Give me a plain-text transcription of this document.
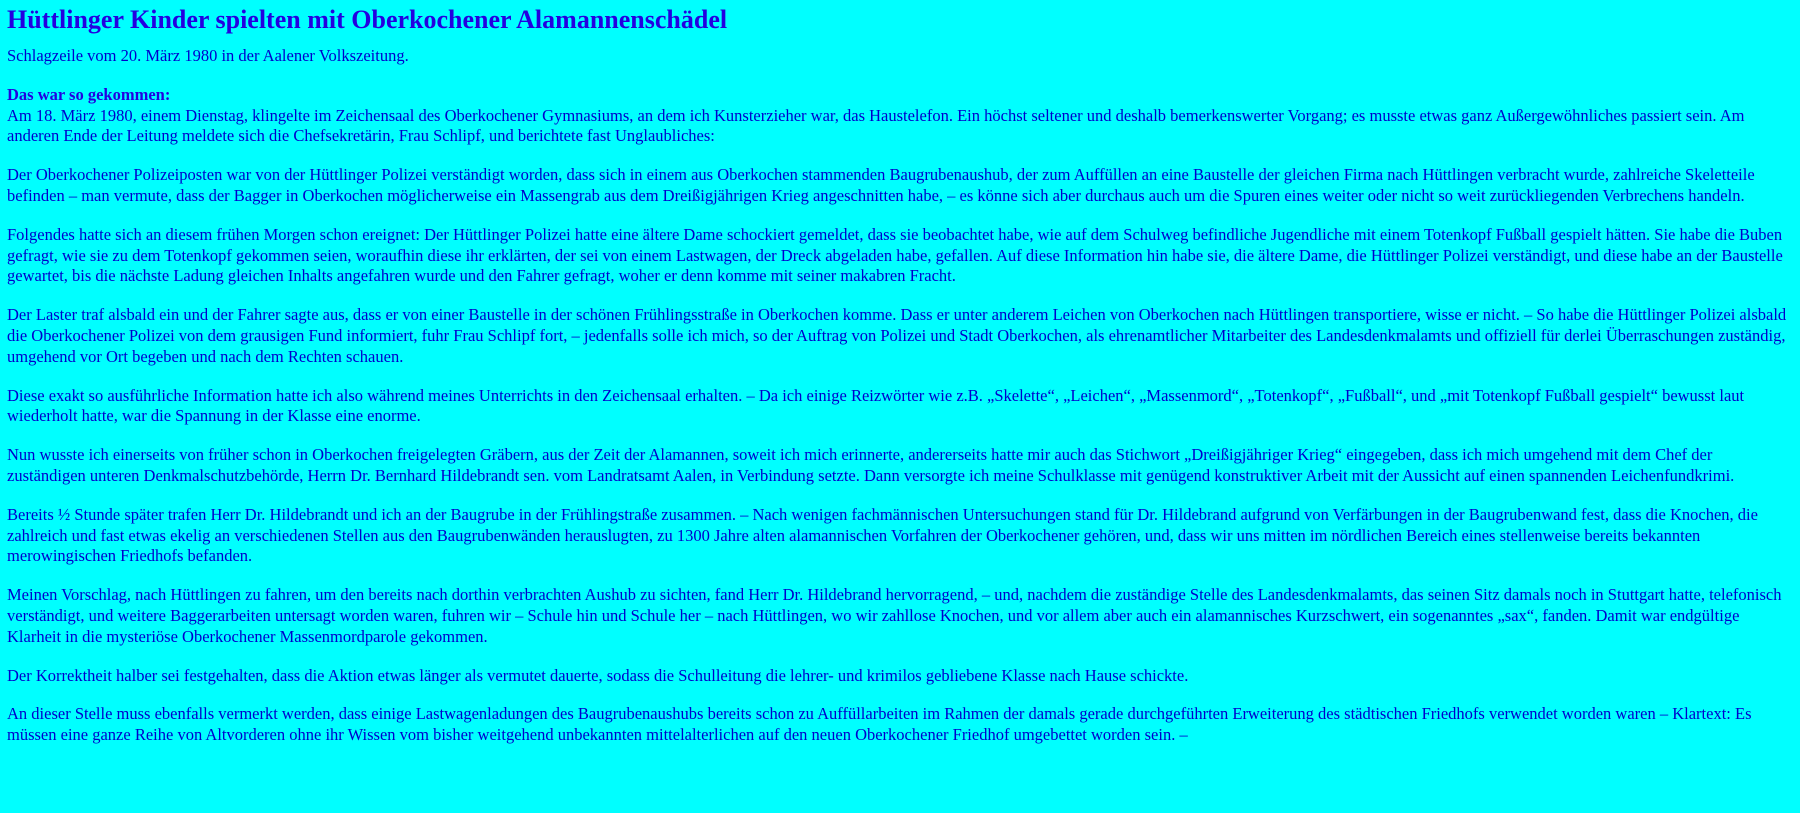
Hüttlinger Kinder spielten mit Oberkochener Alamannenschädel

Schlagzeile vom 20. März 1980 in der Aalener Volkszeitung.

Das war so gekommen:
Am 18. März 1980, einem Dienstag, klingelte im Zeichensaal des Oberkochener Gymnasiums, an dem ich Kunsterzieher war, das Haustelefon. Ein höchst seltener und deshalb bemerkenswerter Vorgang; es musste etwas ganz Außergewöhnliches passiert sein. Am anderen Ende der Leitung meldete sich die Chefsekretärin, Frau Schlipf, und berichtete fast Unglaubliches:

Der Oberkochener Polizeiposten war von der Hüttlinger Polizei verständigt worden, dass sich in einem aus Oberkochen stammenden Baugrubenaushub, der zum Auffüllen an eine Baustelle der gleichen Firma nach Hüttlingen verbracht wurde, zahlreiche Skeletteile befinden – man vermute, dass der Bagger in Oberkochen möglicherweise ein Massengrab aus dem Dreißigjährigen Krieg angeschnitten habe, – es könne sich aber durchaus auch um die Spuren eines weiter oder nicht so weit zurückliegenden Verbrechens handeln.

Folgendes hatte sich an diesem frühen Morgen schon ereignet: Der Hüttlinger Polizei hatte eine ältere Dame schockiert gemeldet, dass sie beobachtet habe, wie auf dem Schulweg befindliche Jugendliche mit einem Totenkopf Fußball gespielt hätten. Sie habe die Buben gefragt, wie sie zu dem Totenkopf gekommen seien, woraufhin diese ihr erklärten, der sei von einem Lastwagen, der Dreck abgeladen habe, gefallen. Auf diese Information hin habe sie, die ältere Dame, die Hüttlinger Polizei verständigt, und diese habe an der Baustelle gewartet, bis die nächste Ladung gleichen Inhalts angefahren wurde und den Fahrer gefragt, woher er denn komme mit seiner makabren Fracht.

Der Laster traf alsbald ein und der Fahrer sagte aus, dass er von einer Baustelle in der schönen Frühlingsstraße in Oberkochen komme. Dass er unter anderem Leichen von Oberkochen nach Hüttlingen transportiere, wisse er nicht. – So habe die Hüttlinger Polizei alsbald die Oberkochener Polizei von dem grausigen Fund informiert, fuhr Frau Schlipf fort, – jedenfalls solle ich mich, so der Auftrag von Polizei und Stadt Oberkochen, als ehrenamtlicher Mitarbeiter des Landesdenkmalamts und offiziell für derlei Überraschungen zuständig, umgehend vor Ort begeben und nach dem Rechten schauen.

Diese exakt so ausführliche Information hatte ich also während meines Unterrichts in den Zeichensaal erhalten. – Da ich einige Reizwörter wie z.B. „Skelette“, „Leichen“, „Massenmord“, „Totenkopf“, „Fußball“, und „mit Totenkopf Fußball gespielt“ bewusst laut wiederholt hatte, war die Spannung in der Klasse eine enorme.

Nun wusste ich einerseits von früher schon in Oberkochen freigelegten Gräbern, aus der Zeit der Alamannen, soweit ich mich erinnerte, andererseits hatte mir auch das Stichwort „Dreißigjähriger Krieg“ eingegeben, dass ich mich umgehend mit dem Chef der zuständigen unteren Denkmalschutzbehörde, Herrn Dr. Bernhard Hildebrandt sen. vom Landratsamt Aalen, in Verbindung setzte. Dann versorgte ich meine Schulklasse mit genügend konstruktiver Arbeit mit der Aussicht auf einen spannenden Leichenfundkrimi.

Bereits ½ Stunde später trafen Herr Dr. Hildebrandt und ich an der Baugrube in der Frühlingstraße zusammen. – Nach wenigen fachmännischen Untersuchungen stand für Dr. Hildebrand aufgrund von Verfärbungen in der Baugrubenwand fest, dass die Knochen, die zahlreich und fast etwas ekelig an verschiedenen Stellen aus den Baugrubenwänden herauslugten, zu 1300 Jahre alten alamannischen Vorfahren der Oberkochener gehören, und, dass wir uns mitten im nördlichen Bereich eines stellenweise bereits bekannten merowingischen Friedhofs befanden.

Meinen Vorschlag, nach Hüttlingen zu fahren, um den bereits nach dorthin verbrachten Aushub zu sichten, fand Herr Dr. Hildebrand hervorragend, – und, nachdem die zuständige Stelle des Landesdenkmalamts, das seinen Sitz damals noch in Stuttgart hatte, telefonisch verständigt, und weitere Baggerarbeiten untersagt worden waren, fuhren wir – Schule hin und Schule her – nach Hüttlingen, wo wir zahllose Knochen, und vor allem aber auch ein alamannisches Kurzschwert, ein sogenanntes „sax“, fanden. Damit war endgültige Klarheit in die mysteriöse Oberkochener Massenmordparole gekommen.

Der Korrektheit halber sei festgehalten, dass die Aktion etwas länger als vermutet dauerte, sodass die Schulleitung die lehrer- und krimilos gebliebene Klasse nach Hause schickte.

An dieser Stelle muss ebenfalls vermerkt werden, dass einige Lastwagenladungen des Baugrubenaushubs bereits schon zu Auffüllarbeiten im Rahmen der damals gerade durchgeführten Erweiterung des städtischen Friedhofs verwendet worden waren – Klartext: Es müssen eine ganze Reihe von Altvorderen ohne ihr Wissen vom bisher weitgehend unbekannten mittelalterlichen auf den neuen Oberkochener Friedhof umgebettet worden sein. –
